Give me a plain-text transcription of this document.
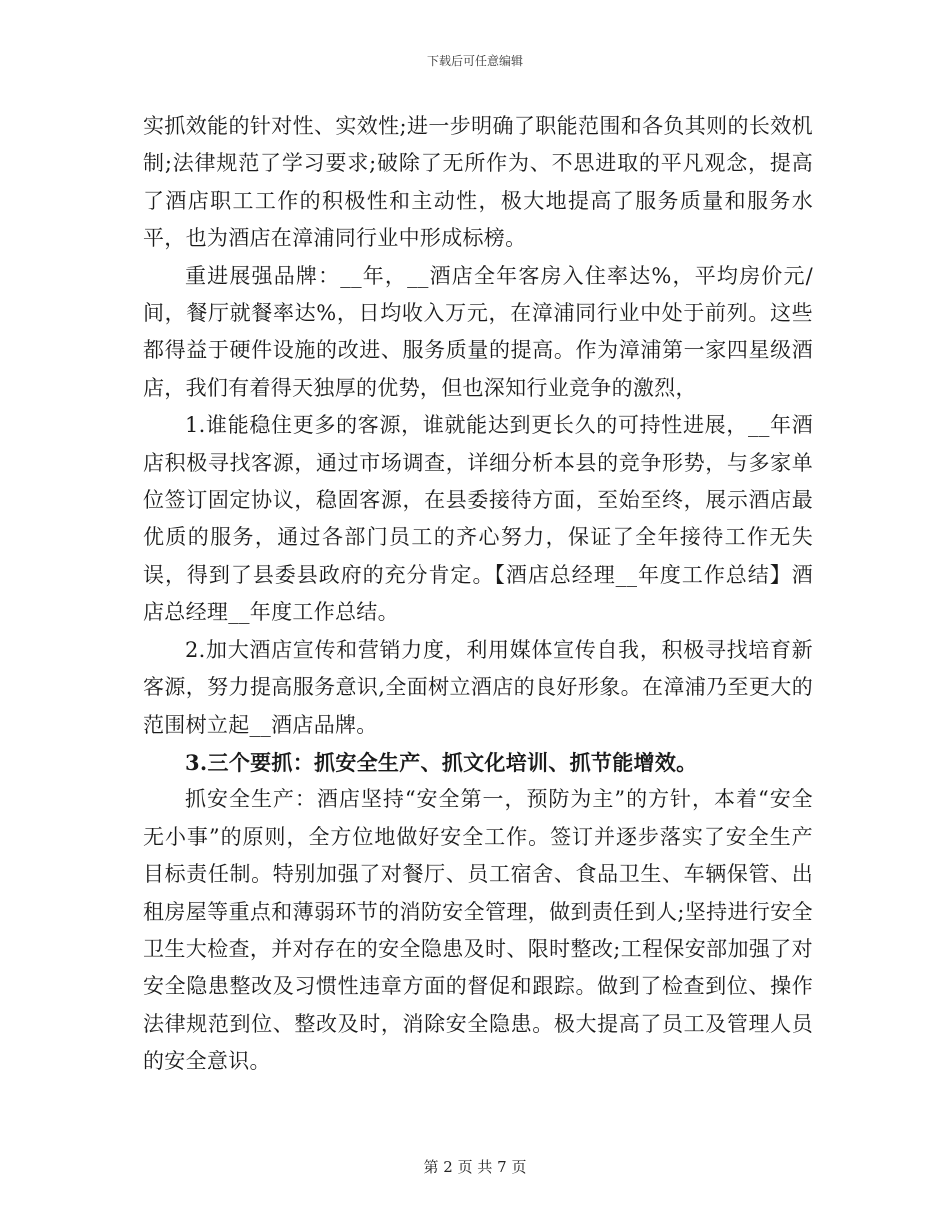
下载后可任意编辑

实抓效能的针对性、实效性;进一步明确了职能范围和各负其则的长效机制;法律规范了学习要求;破除了无所作为、不思进取的平凡观念，提高了酒店职工工作的积极性和主动性，极大地提高了服务质量和服务水平，也为酒店在漳浦同行业中形成标榜。

重进展强品牌：__年，__酒店全年客房入住率达%，平均房价元/间，餐厅就餐率达%，日均收入万元，在漳浦同行业中处于前列。这些都得益于硬件设施的改进、服务质量的提高。作为漳浦第一家四星级酒店，我们有着得天独厚的优势，但也深知行业竞争的激烈，

1.谁能稳住更多的客源，谁就能达到更长久的可持性进展，__年酒店积极寻找客源，通过市场调查，详细分析本县的竞争形势，与多家单位签订固定协议，稳固客源，在县委接待方面，至始至终，展示酒店最优质的服务，通过各部门员工的齐心努力，保证了全年接待工作无失误，得到了县委县政府的充分肯定。【酒店总经理__年度工作总结】酒店总经理__年度工作总结。

2.加大酒店宣传和营销力度，利用媒体宣传自我，积极寻找培育新客源，努力提高服务意识,全面树立酒店的良好形象。在漳浦乃至更大的范围树立起__酒店品牌。

3.三个要抓：抓安全生产、抓文化培训、抓节能增效。

抓安全生产：酒店坚持“安全第一，预防为主”的方针，本着“安全无小事”的原则，全方位地做好安全工作。签订并逐步落实了安全生产目标责任制。特别加强了对餐厅、员工宿舍、食品卫生、车辆保管、出租房屋等重点和薄弱环节的消防安全管理，做到责任到人;坚持进行安全卫生大检查，并对存在的安全隐患及时、限时整改;工程保安部加强了对安全隐患整改及习惯性违章方面的督促和跟踪。做到了检查到位、操作法律规范到位、整改及时，消除安全隐患。极大提高了员工及管理人员的安全意识。

第 2 页 共 7 页
